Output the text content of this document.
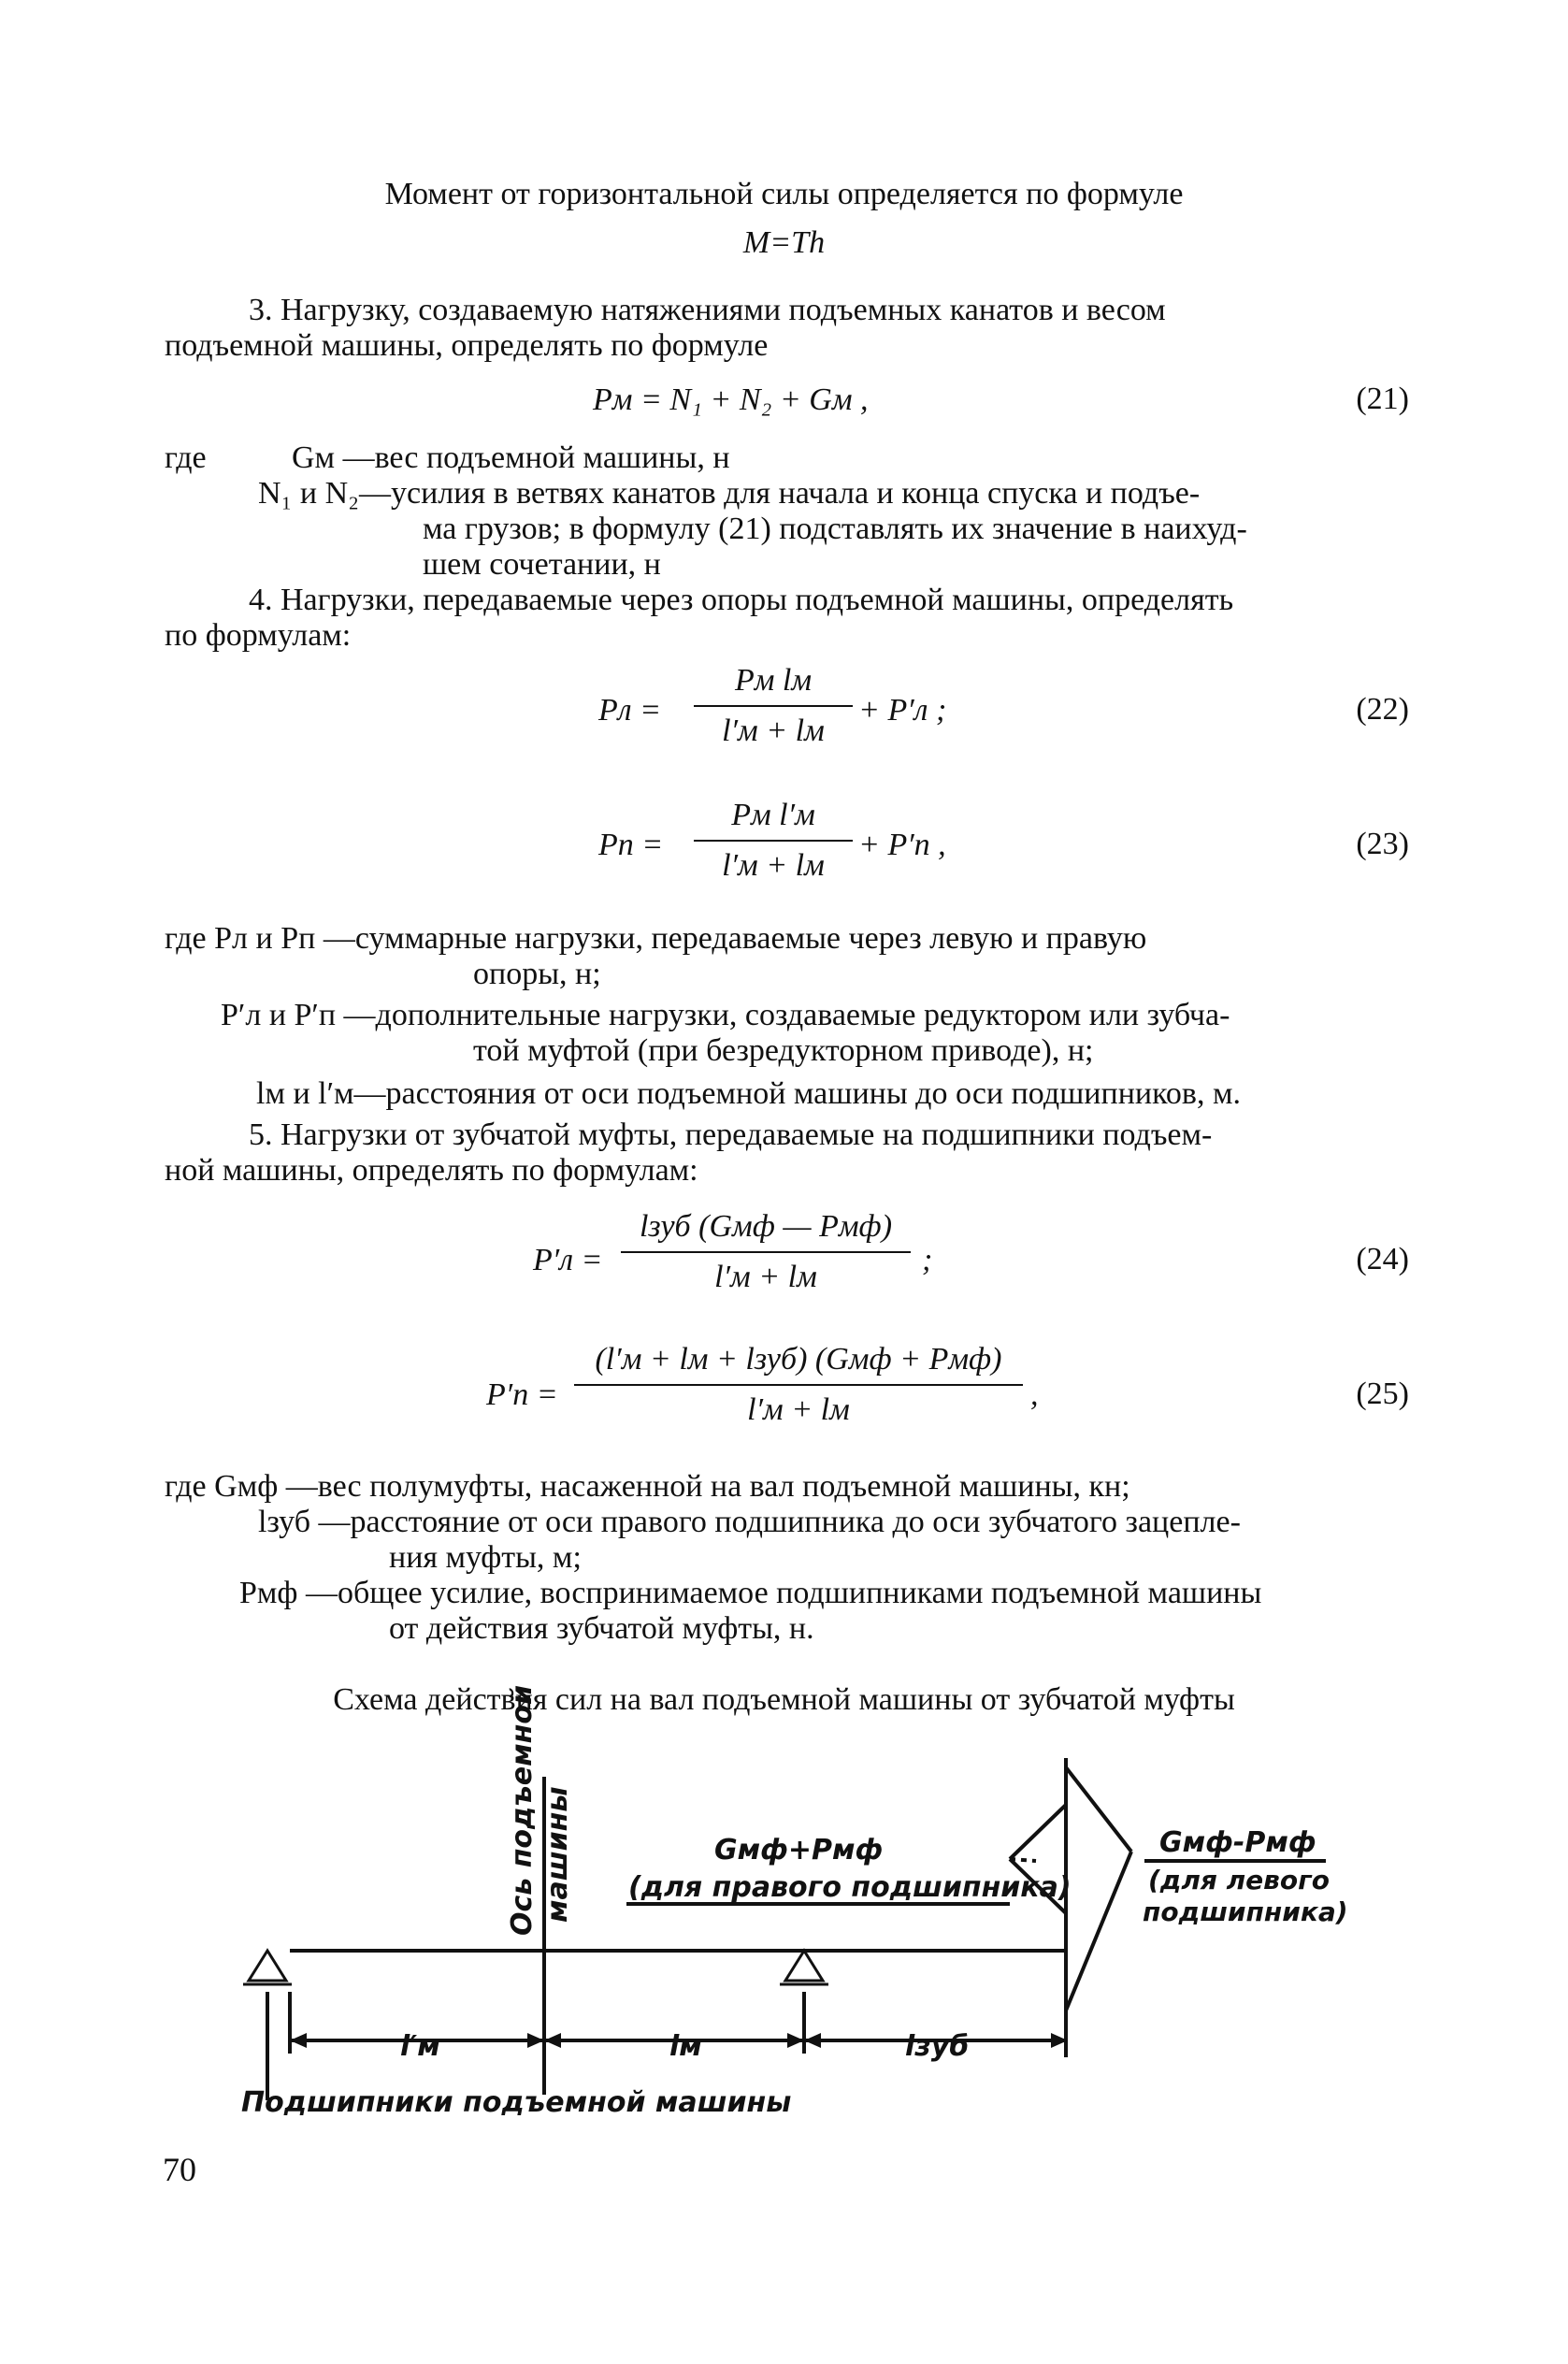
Момент от горизонтальной силы определяется по формуле
M=Th
3. Нагрузку, создаваемую натяжениями подъемных канатов и весом
подъемной машины, определять по формуле
Pм = N₁ + N₂ + Gм ,	(21)
где	Gм —вес подъемной машины, н
N₁ и N₂—усилия в ветвях канатов для начала и конца спуска и подъе-
ма грузов; в формулу (21) подставлять их значение в наихуд-
шем сочетании, н
4. Нагрузки, передаваемые через опоры подъемной машины, определять
по формулам:
Pл =
Pм lм
l′м + lм
+ P′л ;	(22)
Pп =
Pм l′м
l′м + lм
+ P′п ,	(23)
где Pл и Pп —суммарные нагрузки, передаваемые через левую и правую
опоры, н;
P′л и P′п —дополнительные нагрузки, создаваемые редуктором или зубча-
той муфтой (при безредукторном приводе), н;
lм и l′м—расстояния от оси подъемной машины до оси подшипников, м.
5. Нагрузки от зубчатой муфты, передаваемые на подшипники подъем-
ной машины, определять по формулам:
P′л =
lзуб (Gмф — Pмф)
l′м + lм	;	(24)
P′п =
(l′м + lм + lзуб) (Gмф + Pмф)
l′м + lм	,	(25)
где Gмф —вес полумуфты, насаженной на вал подъемной машины, кн;
lзуб —расстояние от оси правого подшипника до оси зубчатого зацепле-
ния муфты, м;
Pмф —общее усилие, воспринимаемое подшипниками подъемной машины
от действия зубчатой муфты, н.
Схема действия сил на вал подъемной машины от зубчатой муфты
Ось подъемной машины	Gмф+Pмф
(для правого подшипника)
Gмф-Pмф
(для левого
подшипника)
l′м	lм	lзуб
Подшипники подъемной машины
70
